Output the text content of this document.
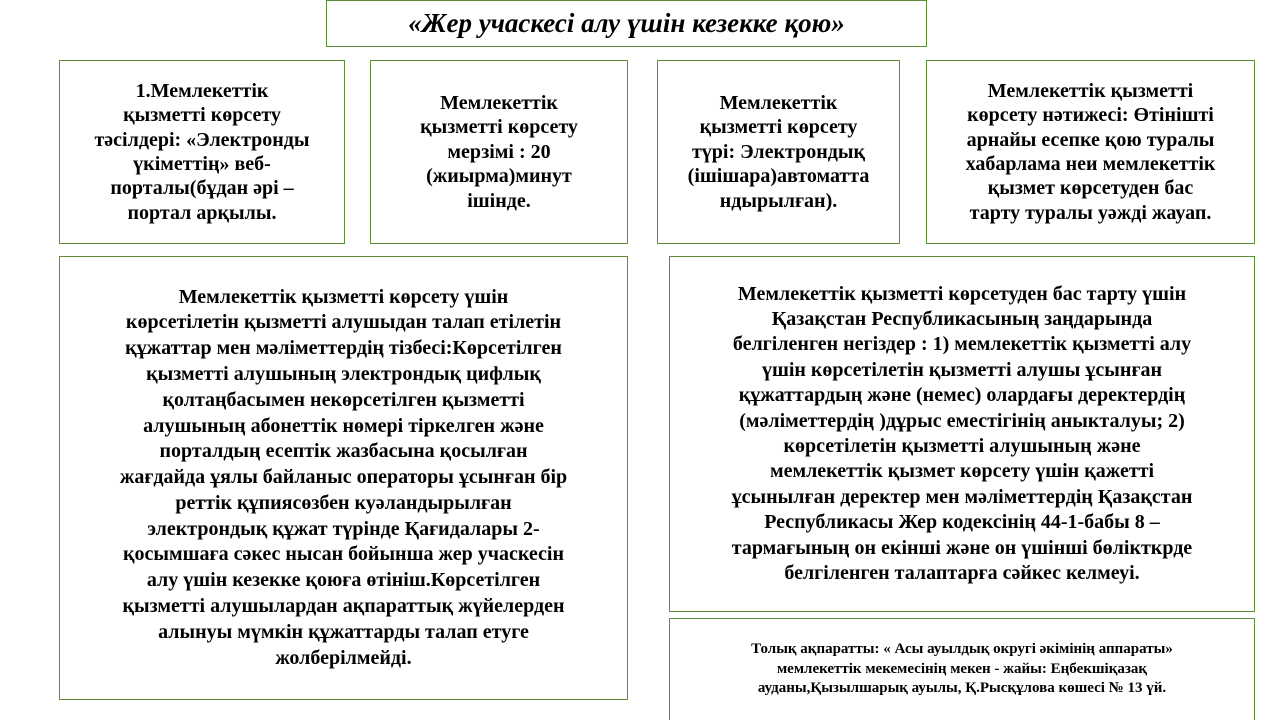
«Жер учаскесі алу үшін кезекке қою»
1.Мемлекеттік
қызметті көрсету
тәсілдері: «Электронды
үкіметтің» веб-
порталы(бұдан әрі –
портал арқылы.
Мемлекеттік
қызметті көрсету
мерзімі : 20
(жиырма)минут
ішінде.
Мемлекеттік
қызметті көрсету
түрі: Электрондық
(ішішара)автоматта
ндырылған).
Мемлекеттік қызметті
көрсету нәтижесі: Өтінішті
арнайы есепке қою туралы
хабарлама неи мемлекеттік
қызмет көрсетуден бас
тарту туралы уәжді жауап.
Мемлекеттік қызметті көрсету үшін
көрсетілетін қызметті алушыдан талап етілетін
құжаттар мен мәліметтердің тізбесі:Көрсетілген
қызметті алушының электрондық цифлық
қолтаңбасымен некөрсетілген қызметті
алушының абонеттік нөмері тіркелген және
порталдың есептік жазбасына қосылған
жағдайда ұялы байланыс операторы ұсынған бір
реттік құпиясөзбен куәландырылған
электрондық құжат түрінде Қағидалары 2-
қосымшаға сәкес нысан бойынша жер учаскесін
алу үшін кезекке қоюға өтініш.Көрсетілген
қызметті алушылардан ақпараттық жүйелерден
алынуы мүмкін құжаттарды талап етуге
жолберілмейді.
Мемлекеттік қызметті көрсетуден бас тарту үшін
Қазақстан Республикасының заңдарында
белгіленген негіздер : 1) мемлекеттік қызметті алу
үшін көрсетілетін қызметті алушы ұсынған
құжаттардың және (немес) олардағы деректердің
(мәліметтердің )дұрыс еместігінің аныкталуы; 2)
көрсетілетін қызметті алушының және
мемлекеттік қызмет көрсету үшін қажетті
ұсынылған деректер мен мәліметтердің Қазақстан
Республикасы Жер кодексінің 44-1-бабы 8 –
тармағының он екінші және он үшінші бөлікткрде
белгіленген талаптарға сәйкес келмеуі.
Толық ақпаратты: « Асы ауылдық округі әкімінің аппараты»
мемлекеттік мекемесінің мекен - жайы: Еңбекшіқазақ
ауданы,Қызылшарық ауылы, Қ.Рысқұлова көшесі № 13 үй.
